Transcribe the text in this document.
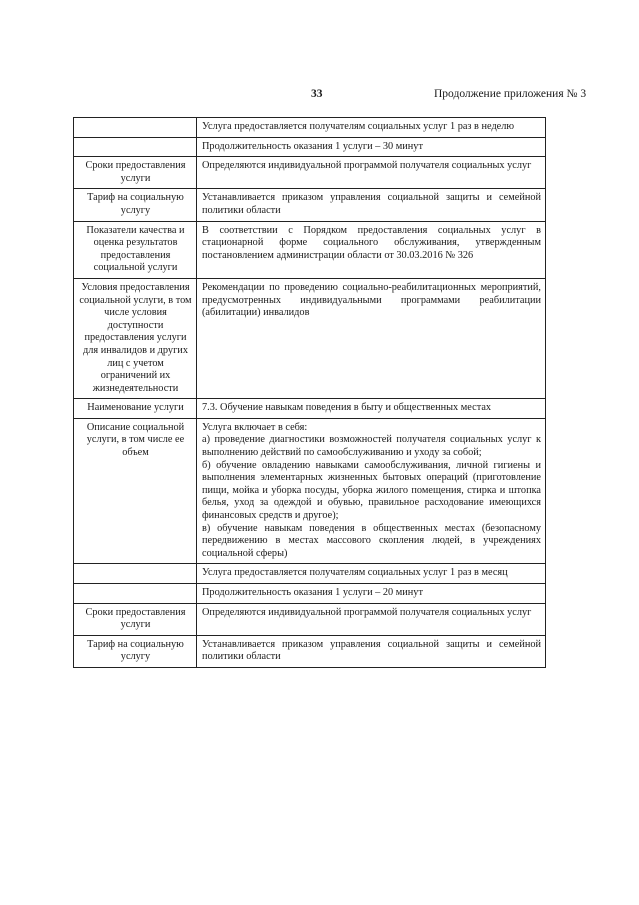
33	Продолжение приложения № 3
	Услуга предоставляется получателям социальных услуг 1 раз в неделю
	Продолжительность оказания 1 услуги – 30 минут
Сроки предоставления услуги	Определяются индивидуальной программой получателя социальных услуг
Тариф на социальную услугу	Устанавливается приказом управления социальной защиты и семейной политики области
Показатели качества и оценка результатов предоставления социальной услуги	В соответствии с Порядком предоставления социальных услуг в стационарной форме социального обслуживания, утвержденным постановлением администрации области от 30.03.2016 № 326
Условия предоставления социальной услуги, в том числе условия доступности предоставления услуги для инвалидов и других лиц с учетом ограничений их жизнедеятельности	Рекомендации по проведению социально-реабилитационных мероприятий, предусмотренных индивидуальными программами реабилитации (абилитации) инвалидов
Наименование услуги	7.3. Обучение навыкам поведения в быту и общественных местах
Описание социальной услуги, в том числе ее объем	Услуга включает в себя:
а) проведение диагностики возможностей получателя социальных услуг к выполнению действий по самообслуживанию и уходу за собой;
б) обучение овладению навыками самообслуживания, личной гигиены и выполнения элементарных жизненных бытовых операций (приготовление пищи, мойка и уборка посуды, уборка жилого помещения, стирка и штопка белья, уход за одеждой и обувью, правильное расходование имеющихся финансовых средств и другое);
в) обучение навыкам поведения в общественных местах (безопасному передвижению в местах массового скопления людей, в учреждениях социальной сферы)

	Услуга предоставляется получателям социальных услуг 1 раз в месяц
	Продолжительность оказания 1 услуги – 20 минут
Сроки предоставления услуги	Определяются индивидуальной программой получателя социальных услуг
Тариф на социальную услугу	Устанавливается приказом управления социальной защиты и семейной политики области
